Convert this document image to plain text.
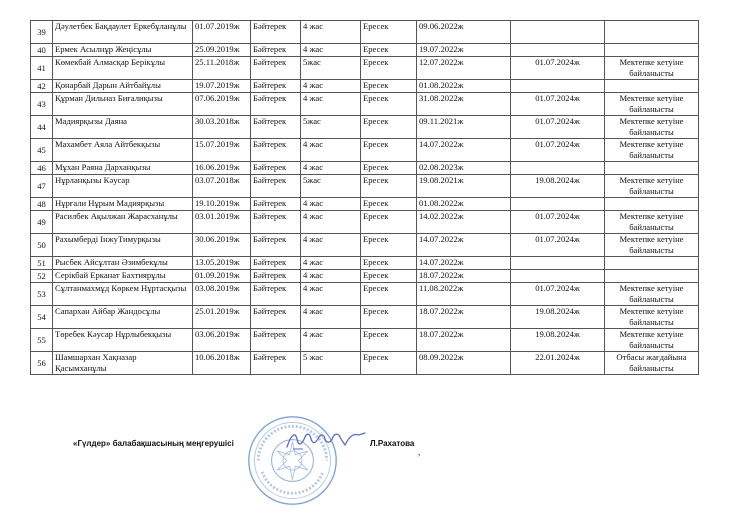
39	Дәулетбек Бақдаулет Еркебұланұлы	01.07.2019ж	Бәйтерек	4 жас	Ересек	09.06.2022ж		
40	Ермек Асылнұр Жеңісұлы	25.09.2019ж	Бәйтерек	4 жас	Ересек	19.07.2022ж		
41	Көмекбай Алмасқар Берікұлы	25.11.2018ж	Бәйтерек	5жас	Ересек	12.07.2022ж	01.07.2024ж	Мектепке кетуіне байланысты
42	Қонарбай Дарын Айтбайұлы	19.07.2019ж	Бәйтерек	4 жас	Ересек	01.08.2022ж		
43	Құрман Дильназ Биғалиқызы	07.06.2019ж	Бәйтерек	4 жас	Ересек	31.08.2022ж	01.07.2024ж	Мектепке кетуіне байланысты
44	Мадиярқызы Даяна	30.03.2018ж	Бәйтерек	5жас	Ересек	09.11.2021ж	01.07.2024ж	Мектепке кетуіне байланысты
45	Махамбет Аяла Айтбекқызы	15.07.2019ж	Бәйтерек	4 жас	Ересек	14.07.2022ж	01.07.2024ж	Мектепке кетуіне байланысты
46	Мұхан Раяна Дарханқызы	16.06.2019ж	Бәйтерек	4 жас	Ересек	02.08.2023ж		
47	Нұрланқызы Кәусар	03.07.2018ж	Бәйтерек	5жас	Ересек	19.08.2021ж	19.08.2024ж	Мектепке кетуіне байланысты
48	Нұрғали Нұрым Мадиярқызы	19.10.2019ж	Бәйтерек	4 жас	Ересек	01.08.2022ж		
49	Расилбек Ақылжан Жарасханұлы	03.01.2019ж	Бәйтерек	4 жас	Ересек	14.02.2022ж	01.07.2024ж	Мектепке кетуіне байланысты
50	Рахымберді ІнжуТимурқызы	30.06.2019ж	Бәйтерек	4 жас	Ересек	14.07.2022ж	01.07.2024ж	Мектепке кетуіне байланысты
51	Рысбек Айсұлтан Әзимбекұлы	13.05.2019ж	Бәйтерек	4 жас	Ересек	14.07.2022ж		
52	Серікбай Ерканат Бахтиярұлы	01.09.2019ж	Бәйтерек	4 жас	Ересек	18.07.2022ж		
53	Сұлтанмахмұд Көркем Нұртасқызы	03.08.2019ж	Бәйтерек	4 жас	Ересек	11.08.2022ж	01.07.2024ж	Мектепке кетуіне байланысты
54	Сапархан Айбар Жандосұлы	25.01.2019ж	Бәйтерек	4 жас	Ересек	18.07.2022ж	19.08.2024ж	Мектепке кетуіне байланысты
55	Төребек Кәусар Нұрлыбекқызы	03.06.2019ж	Бәйтерек	4 жас	Ересек	18.07.2022ж	19.08.2024ж	Мектепке кетуіне байланысты
56	Шамшархан Хақназар Қасымханұлы	10.06.2018ж	Бәйтерек	5 жас	Ересек	08.09.2022ж	22.01.2024ж	Отбасы жағдайына байланысты
«Гүлдер» балабақшасының меңгерушісі	Л.Рахатова
,
